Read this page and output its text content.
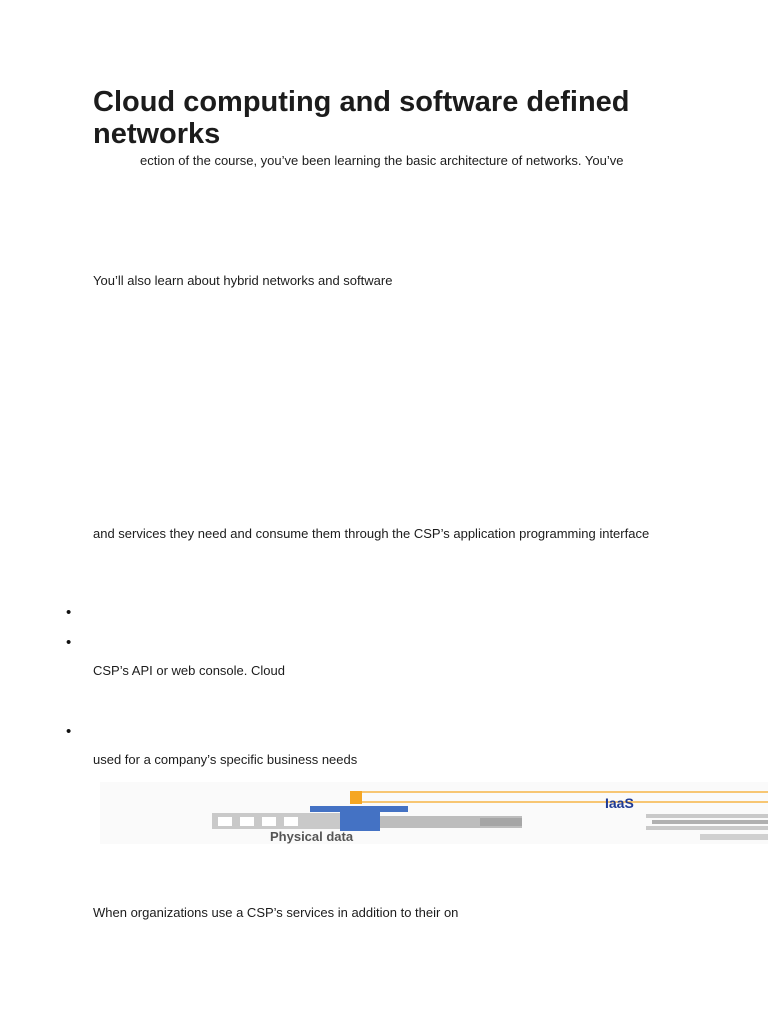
Cloud computing and software defined networks

ection of the course, you’ve been learning the basic architecture of networks. You’ve

You’ll also learn about hybrid networks and software

and services they need and consume them through the CSP’s application programming interface

•
•

CSP’s API or web console. Cloud

•

used for a company’s specific business needs

Physical data
IaaS

When organizations use a CSP’s services in addition to their on
